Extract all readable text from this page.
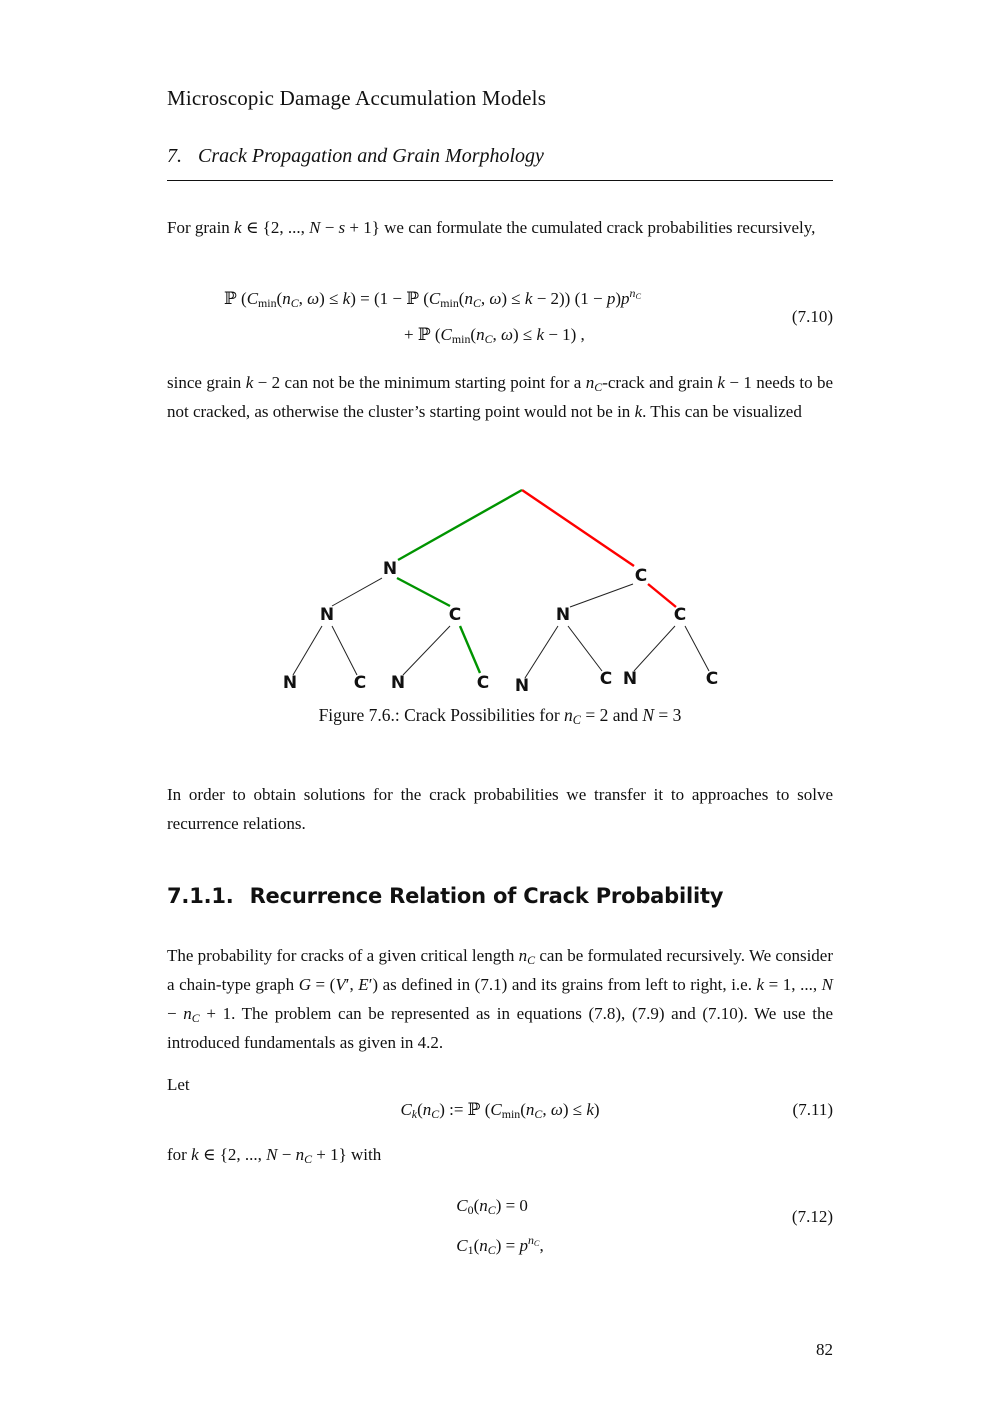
Microscopic Damage Accumulation Models
7. Crack Propagation and Grain Morphology

For grain k ∈ {2, ..., N − s + 1} we can formulate the cumulated crack probabilities recursively,

ℙ ($C_{min}(n_C$, ω) ≤ k) = (1 − ℙ ($C_{min}(n_C$, ω) ≤ k − 2)) $(1 - p)p^{n_C}$
+ ℙ ($C_{min}(n_C$, ω) ≤ k − 1) ,
(7.10)

since grain k − 2 can not be the minimum starting point for a $n_C$-crack and grain k − 1 needs to be not cracked, as otherwise the cluster’s starting point would not be in k. This can be visualized

N	C
N	C	N	C
N	C N	C N	C N	C
Figure 7.6.: Crack Possibilities for $n_C = 2$ and N = 3

In order to obtain solutions for the crack probabilities we transfer it to approaches to solve recurrence relations.

7.1.1. Recurrence Relation of Crack Probability

The probability for cracks of a given critical length $n_C$ can be formulated recursively. We consider a chain-type graph G = (V′, E′) as defined in (7.1) and its grains from left to right, i.e. k = 1, ..., $N - n_C + 1$. The problem can be represented as in equations (7.8), (7.9) and (7.10). We use the introduced fundamentals as given in 4.2.

Let

$C_k(n_C)$ := ℙ ($C_{min}(n_C$, ω) ≤ k)	(7.11)

for k ∈ {2, ..., $N - n_C + 1$} with

$C_0(n_C) = 0$
$C_1(n_C) = p^{n_C}$,
(7.12)
82
